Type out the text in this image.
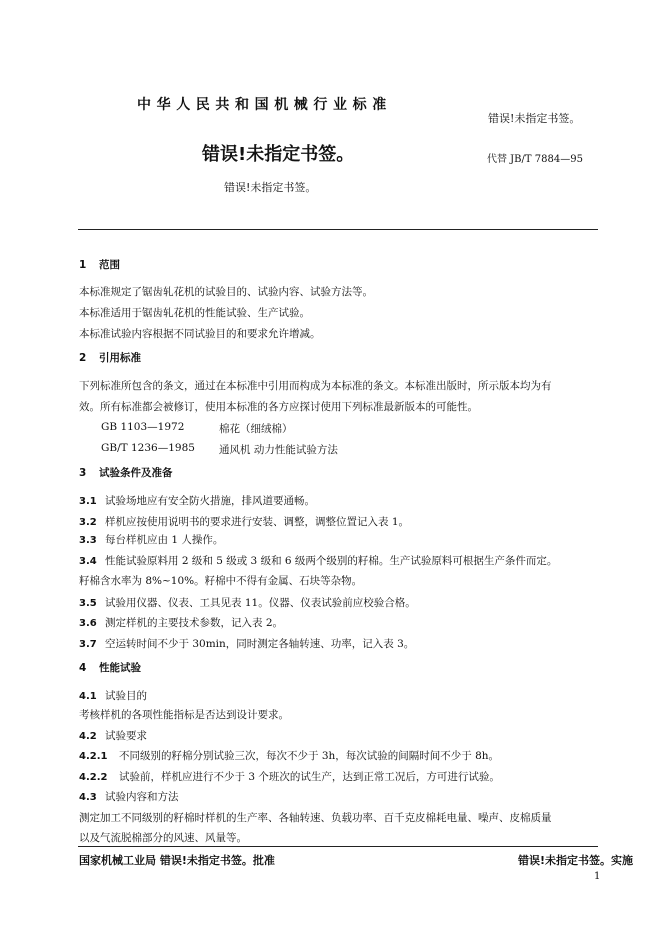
中华人民共和国机械行业标准
错误!未指定书签。
错误!未指定书签。	代替 JB/T 7884—95
错误!未指定书签。
1 范围
本标准规定了锯齿轧花机的试验目的、试验内容、试验方法等。
本标准适用于锯齿轧花机的性能试验、生产试验。
本标准试验内容根据不同试验目的和要求允许增减。
2 引用标准
下列标准所包含的条文，通过在本标准中引用而构成为本标准的条文。本标准出版时，所示版本均为有
效。所有标准都会被修订，使用本标准的各方应探讨使用下列标准最新版本的可能性。
GB 1103—1972	棉花（细绒棉）
GB/T 1236—1985 通风机 动力性能试验方法
3 试验条件及准备
3.1 试验场地应有安全防火措施，排风道要通畅。
3.2 样机应按使用说明书的要求进行安装、调整，调整位置记入表 1。
3.3 每台样机应由 1 人操作。
3.4 性能试验原料用 2 级和 5 级或 3 级和 6 级两个级别的籽棉。生产试验原料可根据生产条件而定。
籽棉含水率为 8%~10%。籽棉中不得有金属、石块等杂物。
3.5 试验用仪器、仪表、工具见表 11。仪器、仪表试验前应校验合格。
3.6 测定样机的主要技术参数，记入表 2。
3.7 空运转时间不少于 30min，同时测定各轴转速、功率，记入表 3。
4 性能试验
4.1 试验目的
考核样机的各项性能指标是否达到设计要求。
4.2 试验要求
4.2.1 不同级别的籽棉分别试验三次，每次不少于 3h，每次试验的间隔时间不少于 8h。
4.2.2 试验前，样机应进行不少于 3 个班次的试生产，达到正常工况后，方可进行试验。
4.3 试验内容和方法
测定加工不同级别的籽棉时样机的生产率、各轴转速、负载功率、百千克皮棉耗电量、噪声、皮棉质量
以及气流脱棉部分的风速、风量等。
国家机械工业局 错误!未指定书签。批准	错误!未指定书签。实施
1
